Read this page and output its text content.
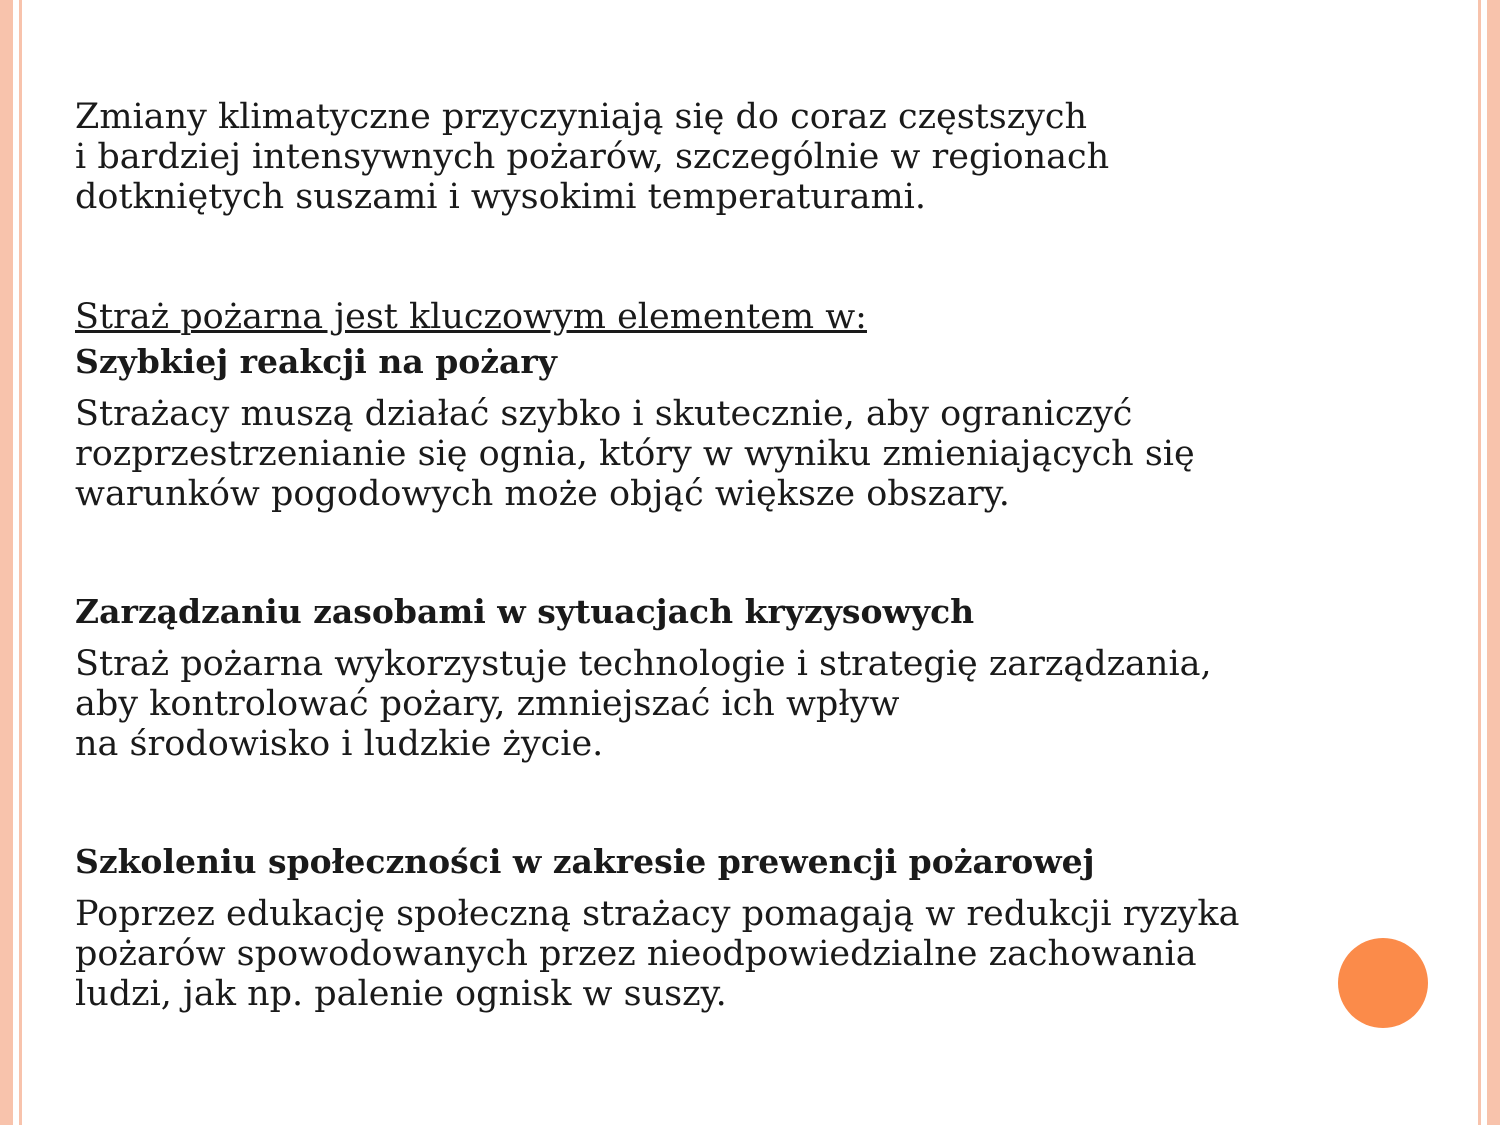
Zmiany klimatyczne przyczyniają się do coraz częstszych
i bardziej intensywnych pożarów, szczególnie w regionach
dotkniętych suszami i wysokimi temperaturami.

Straż pożarna jest kluczowym elementem w:

Szybkiej reakcji na pożary

Strażacy muszą działać szybko i skutecznie, aby ograniczyć
rozprzestrzenianie się ognia, który w wyniku zmieniających się
warunków pogodowych może objąć większe obszary.

Zarządzaniu zasobami w sytuacjach kryzysowych

Straż pożarna wykorzystuje technologie i strategię zarządzania,
aby kontrolować pożary, zmniejszać ich wpływ
na środowisko i ludzkie życie.

Szkoleniu społeczności w zakresie prewencji pożarowej

Poprzez edukację społeczną strażacy pomagają w redukcji ryzyka
pożarów spowodowanych przez nieodpowiedzialne zachowania
ludzi, jak np. palenie ognisk w suszy.
